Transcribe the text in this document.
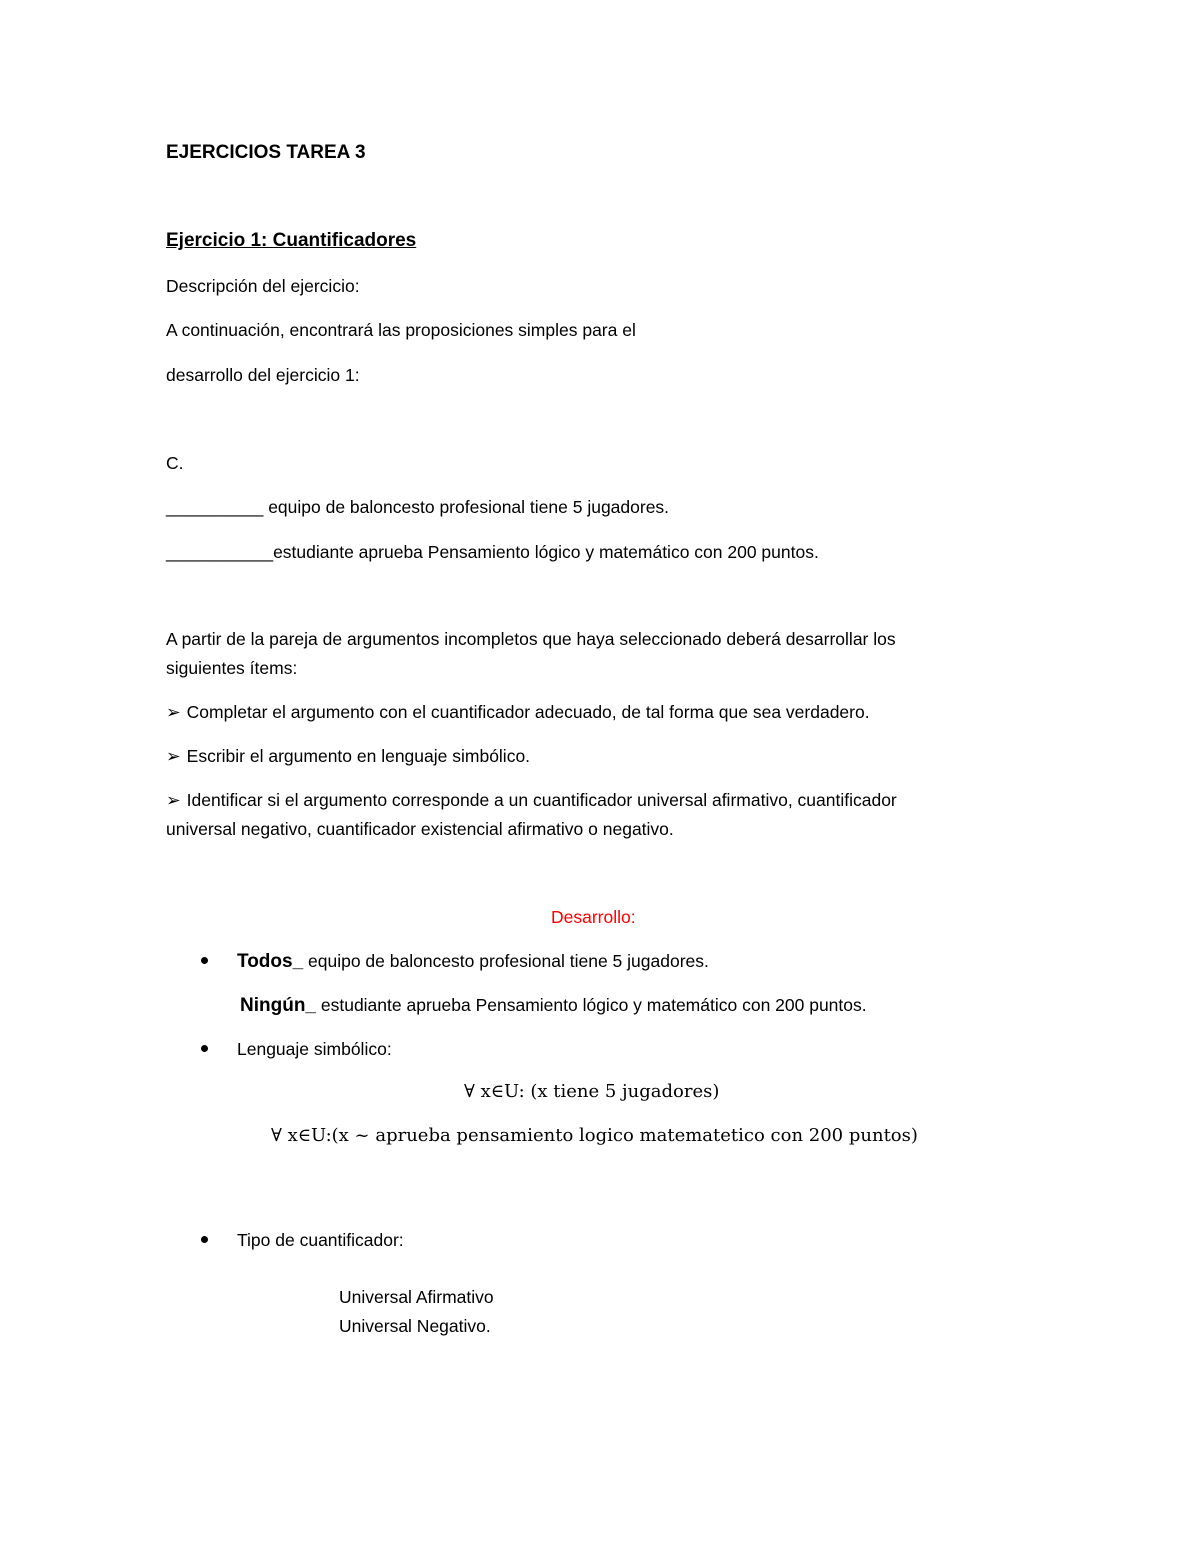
EJERCICIOS TAREA 3
Ejercicio 1: Cuantificadores
Descripción del ejercicio:
A continuación, encontrará las proposiciones simples para el
desarrollo del ejercicio 1:
C.
__________ equipo de baloncesto profesional tiene 5 jugadores.
___________estudiante aprueba Pensamiento lógico y matemático con 200 puntos.
A partir de la pareja de argumentos incompletos que haya seleccionado deberá desarrollar los
siguientes ítems:
➢ Completar el argumento con el cuantificador adecuado, de tal forma que sea verdadero.
➢ Escribir el argumento en lenguaje simbólico.
➢ Identificar si el argumento corresponde a un cuantificador universal afirmativo, cuantificador
universal negativo, cuantificador existencial afirmativo o negativo.
Desarrollo:
Todos_ equipo de baloncesto profesional tiene 5 jugadores.
Ningún_ estudiante aprueba Pensamiento lógico y matemático con 200 puntos.
Lenguaje simbólico:
∀ x∈U: (x tiene 5 jugadores)
∀ x∈U:(x ~ aprueba pensamiento logico matematetico con 200 puntos)
Tipo de cuantificador:
Universal Afirmativo
Universal Negativo.
